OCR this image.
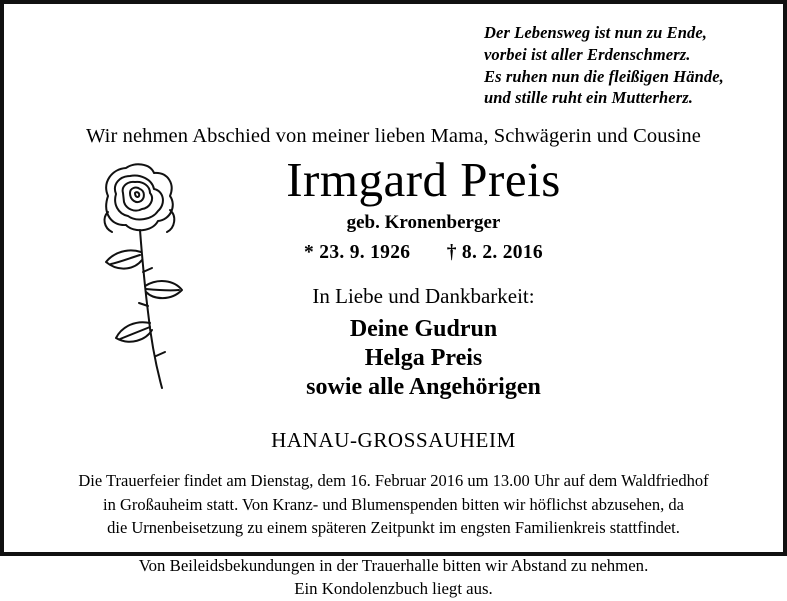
Der Lebensweg ist nun zu Ende,
vorbei ist aller Erdenschmerz.
Es ruhen nun die fleißigen Hände,
und stille ruht ein Mutterherz.
Wir nehmen Abschied von meiner lieben Mama, Schwägerin und Cousine
Irmgard Preis
geb. Kronenberger
* 23. 9. 1926 † 8. 2. 2016
In Liebe und Dankbarkeit:
Deine Gudrun
Helga Preis
sowie alle Angehörigen
HANAU-GROSSAUHEIM
Die Trauerfeier findet am Dienstag, dem 16. Februar 2016 um 13.00 Uhr auf dem Waldfriedhof
in Großauheim statt. Von Kranz- und Blumenspenden bitten wir höflichst abzusehen, da
die Urnenbeisetzung zu einem späteren Zeitpunkt im engsten Familienkreis stattfindet.
Von Beileidsbekundungen in der Trauerhalle bitten wir Abstand zu nehmen.
Ein Kondolenzbuch liegt aus.
